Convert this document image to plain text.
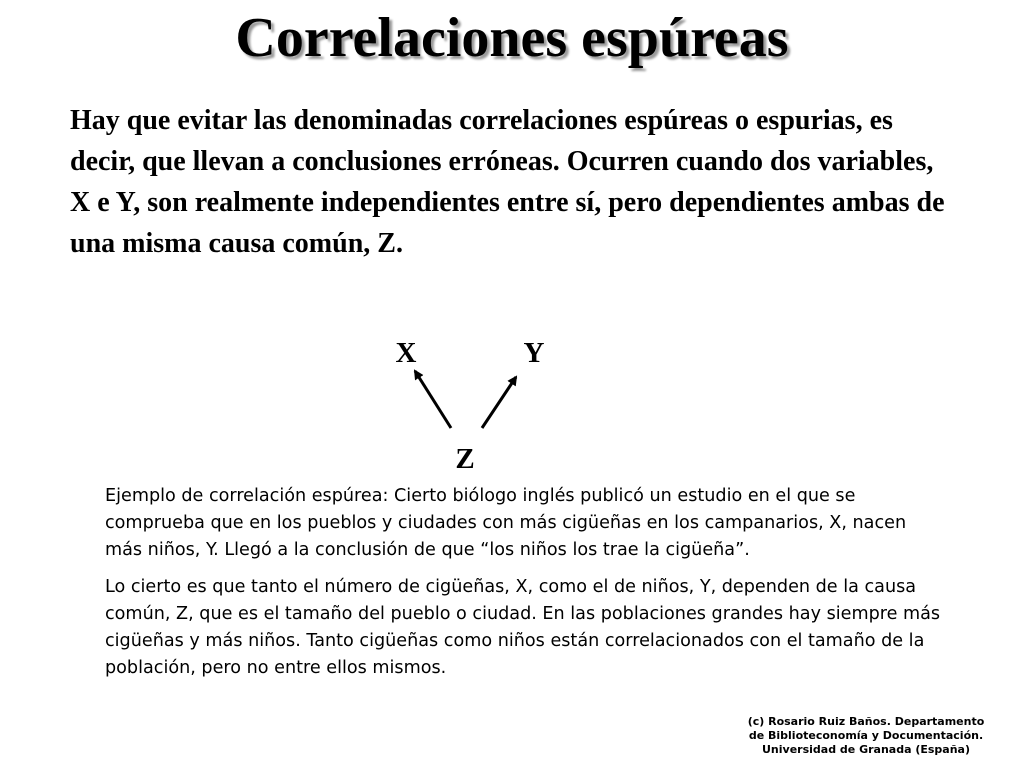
Correlaciones espúreas

Hay que evitar las denominadas correlaciones espúreas o espurias, es decir, que llevan a conclusiones erróneas. Ocurren cuando dos variables, X e Y, son realmente independientes entre sí, pero dependientes ambas de una misma causa común, Z.

X	Y
Z

Ejemplo de correlación espúrea: Cierto biólogo inglés publicó un estudio en el que se comprueba que en los pueblos y ciudades con más cigüeñas en los campanarios, X, nacen más niños, Y. Llegó a la conclusión de que “los niños los trae la cigüeña”.

Lo cierto es que tanto el número de cigüeñas, X, como el de niños, Y, dependen de la causa común, Z, que es el tamaño del pueblo o ciudad. En las poblaciones grandes hay siempre más cigüeñas y más niños. Tanto cigüeñas como niños están correlacionados con el tamaño de la población, pero no entre ellos mismos.

(c) Rosario Ruiz Baños. Departamento
de Biblioteconomía y Documentación.
Universidad de Granada (España)
